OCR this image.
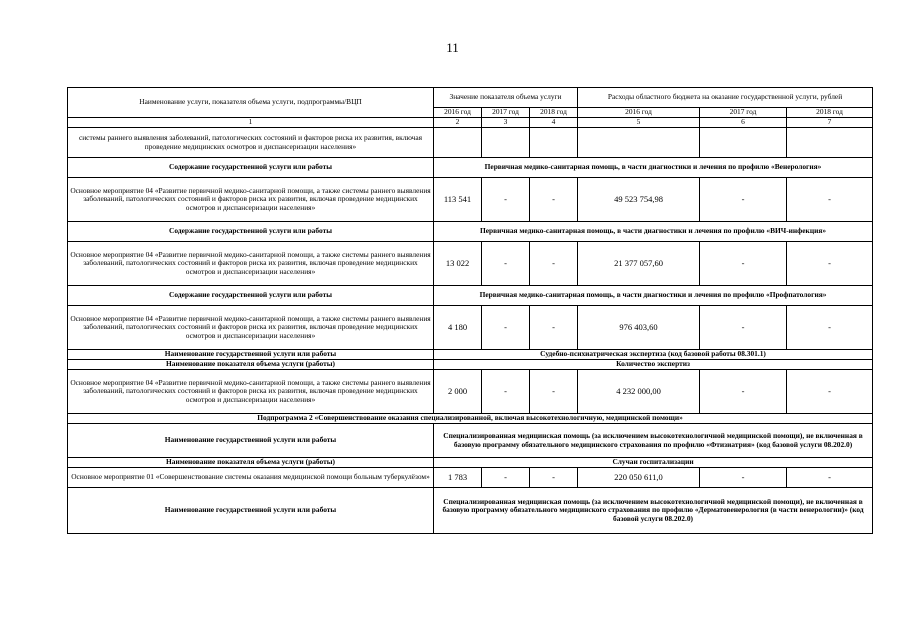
11
Наименование услуги, показателя объема услуги, подпрограммы/ВЦП	Значение показателя объема услуги			Расходы областного бюджета на оказание государственной услуги, рублей		
	2016 год	2017 год	2018 год	2016 год	2017 год	2018 год
1	2	3	4	5	6	7
системы раннего выявления заболеваний, патологических состояний и факторов риска их развития, включая проведение медицинских осмотров и диспансеризации населения»						
Содержание государственной услуги или работы	Первичная медико-санитарная помощь, в части диагностики и лечения по профилю «Венерология»					
Основное мероприятие 04 «Развитие первичной медико-санитарной помощи, а также системы раннего выявления заболеваний, патологических состояний и факторов риска их развития, включая проведение медицинских осмотров и диспансеризации населения»	113 541	-	-	49 523 754,98	-	-
Содержание государственной услуги или работы	Первичная медико-санитарная помощь, в части диагностики и лечения по профилю «ВИЧ-инфекция»					
Основное мероприятие 04 «Развитие первичной медико-санитарной помощи, а также системы раннего выявления заболеваний, патологических состояний и факторов риска их развития, включая проведение медицинских осмотров и диспансеризации населения»	13 022	-	-	21 377 057,60	-	-
Содержание государственной услуги или работы	Первичная медико-санитарная помощь, в части диагностики и лечения по профилю «Профпатология»					
Основное мероприятие 04 «Развитие первичной медико-санитарной помощи, а также системы раннего выявления заболеваний, патологических состояний и факторов риска их развития, включая проведение медицинских осмотров и диспансеризации населения»	4 180	-	-	976 403,60	-	-
Наименование государственной услуги или работы	Судебно-психиатрическая экспертиза (код базовой работы 08.301.1)					
Наименование показателя объема услуги (работы)	Количество экспертиз					
Основное мероприятие 04 «Развитие первичной медико-санитарной помощи, а также системы раннего выявления заболеваний, патологических состояний и факторов риска их развития, включая проведение медицинских осмотров и диспансеризации населения»	2 000	-	-	4 232 000,00	-	-
Подпрограмма 2 «Совершенствование оказания специализированной, включая высокотехнологичную, медицинской помощи»						
Наименование государственной услуги или работы	Специализированная медицинская помощь (за исключением высокотехнологичной медицинской помощи), не включенная в базовую программу обязательного медицинского страхования по профилю «Фтизиатрия» (код базовой услуги 08.202.0)					
Наименование показателя объема услуги (работы)	Случаи госпитализации					
Основное мероприятие 01 «Совершенствование системы оказания медицинской помощи больным туберкулёзом»	1 783	-	-	220 050 611,0	-	-
Наименование государственной услуги или работы	Специализированная медицинская помощь (за исключением высокотехнологичной медицинской помощи), не включенная в базовую программу обязательного медицинского страхования по профилю «Дерматовенерология (в части венерологии)» (код базовой услуги 08.202.0)					
